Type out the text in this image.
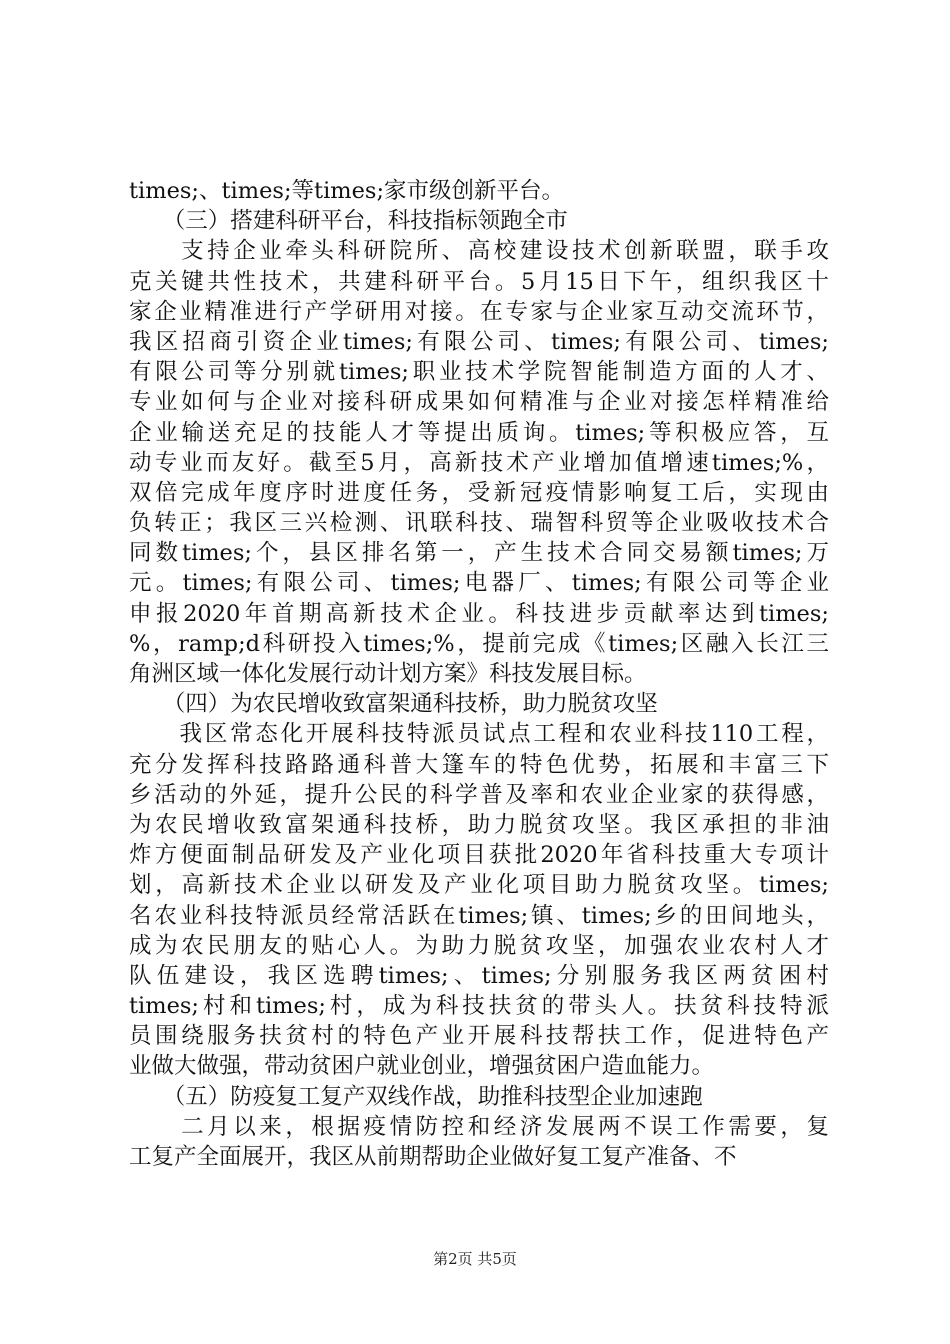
times;、times;等times;家市级创新平台。
　　（三）搭建科研平台，科技指标领跑全市
　　支持企业牵头科研院所、高校建设技术创新联盟，联手攻
克关键共性技术，共建科研平台。5月15日下午，组织我区十
家企业精准进行产学研用对接。在专家与企业家互动交流环节，
我区招商引资企业times;有限公司、times;有限公司、times;
有限公司等分别就times;职业技术学院智能制造方面的人才、
专业如何与企业对接科研成果如何精准与企业对接怎样精准给
企业输送充足的技能人才等提出质询。times;等积极应答，互
动专业而友好。截至5月，高新技术产业增加值增速times;%，
双倍完成年度序时进度任务，受新冠疫情影响复工后，实现由
负转正；我区三兴检测、讯联科技、瑞智科贸等企业吸收技术合
同数times;个，县区排名第一，产生技术合同交易额times;万
元。times;有限公司、times;电器厂、times;有限公司等企业
申报2020年首期高新技术企业。科技进步贡献率达到times;
%，ramp;d科研投入times;%，提前完成《times;区融入长江三
角洲区域一体化发展行动计划方案》科技发展目标。
　　（四）为农民增收致富架通科技桥，助力脱贫攻坚
　　我区常态化开展科技特派员试点工程和农业科技110工程，
充分发挥科技路路通科普大篷车的特色优势，拓展和丰富三下
乡活动的外延，提升公民的科学普及率和农业企业家的获得感，
为农民增收致富架通科技桥，助力脱贫攻坚。我区承担的非油
炸方便面制品研发及产业化项目获批2020年省科技重大专项计
划，高新技术企业以研发及产业化项目助力脱贫攻坚。times;
名农业科技特派员经常活跃在times;镇、times;乡的田间地头，
成为农民朋友的贴心人。为助力脱贫攻坚，加强农业农村人才
队伍建设，我区选聘times;、times;分别服务我区两贫困村
times;村和times;村，成为科技扶贫的带头人。扶贫科技特派
员围绕服务扶贫村的特色产业开展科技帮扶工作，促进特色产
业做大做强，带动贫困户就业创业，增强贫困户造血能力。
　　（五）防疫复工复产双线作战，助推科技型企业加速跑
　　二月以来，根据疫情防控和经济发展两不误工作需要，复
工复产全面展开，我区从前期帮助企业做好复工复产准备、不
第2页 共5页
